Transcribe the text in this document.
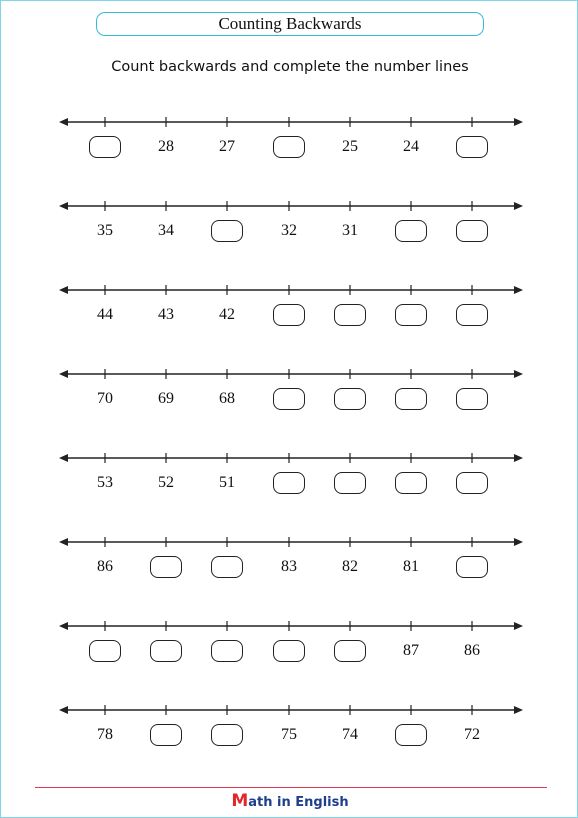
Counting Backwards
Count backwards and complete the number lines
28	27	25	24
35	34	32	31
44	43	42
70	69	68
53	52	51
86	83	82	81
87	86
78	75	74	72
Math in English
